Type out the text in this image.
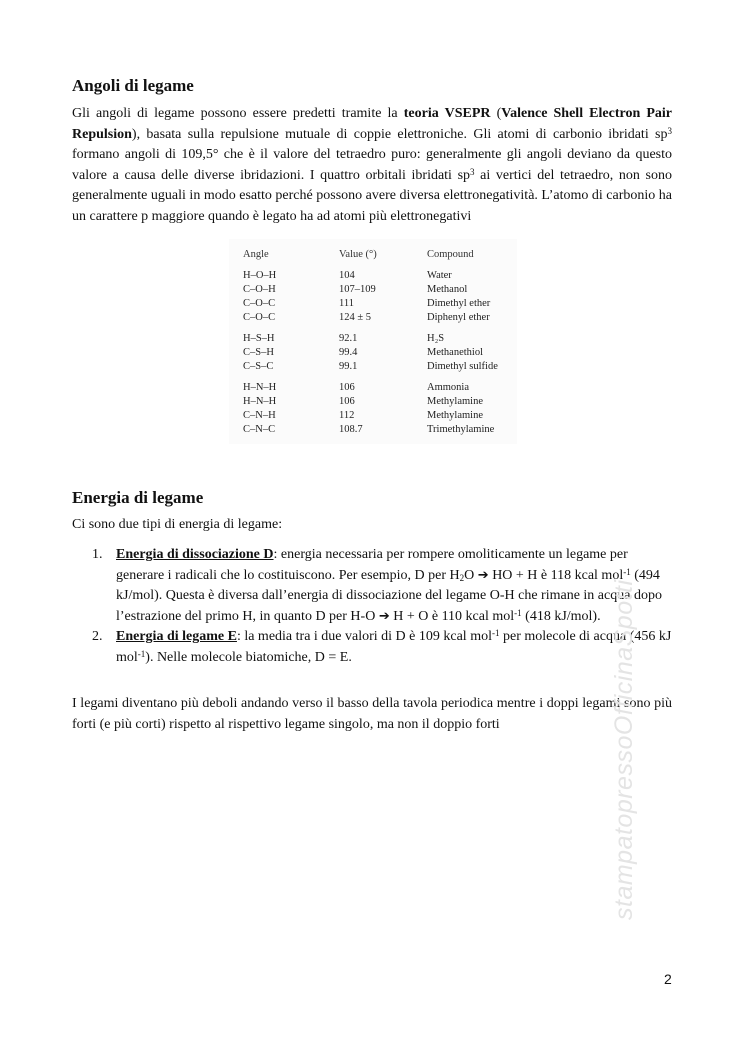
Angoli di legame

Gli angoli di legame possono essere predetti tramite la teoria VSEPR (Valence Shell Electron Pair Repulsion), basata sulla repulsione mutuale di coppie elettroniche. Gli atomi di carbonio ibridati $sp^3$ formano angoli di 109,5° che è il valore del tetraedro puro: generalmente gli angoli deviano da questo valore a causa delle diverse ibridazioni. I quattro orbitali ibridati $sp^3$ ai vertici del tetraedro, non sono generalmente uguali in modo esatto perché possono avere diversa elettronegatività. L’atomo di carbonio ha un carattere p maggiore quando è legato ha ad atomi più elettronegativi

Angle	Value (°)	Compound
H–O–H	104	Water
C–O–H	107–109	Methanol
C–O–C	111	Dimethyl ether
C–O–C	124 ± 5	Diphenyl ether
H–S–H	92.1	H₂S
C–S–H	99.4	Methanethiol
C–S–C	99.1	Dimethyl sulfide
H–N–H	106	Ammonia
H–N–H	106	Methylamine
C–N–H	112	Methylamine
C–N–C	108.7	Trimethylamine
Energia di legame

Ci sono due tipi di energia di legame:

1. Energia di dissociazione D: energia necessaria per rompere omoliticamente un legame per generare i radicali che lo costituiscono. Per esempio, D per $H_2O$ ➔ HO + H è 118 kcal mol$^{-1}$ (494 kJ/mol). Questa è diversa dall’energia di dissociazione del legame O-H che rimane in acqua dopo l’estrazione del primo H, in quanto D per H-O ➔ H + O è 110 kcal mol$^{-1}$ (418 kJ/mol).
2. Energia di legame E: la media tra i due valori di D è 109 kcal mol$^{-1}$ per molecole di acqua (456 kJ mol$^{-1}$). Nelle molecole biatomiche, D = E.

I legami diventano più deboli andando verso il basso della tavola periodica mentre i doppi legami sono più forti (e più corti) rispetto al rispettivo legame singolo, ma non il doppio forti	stampatopressoOfficinaSpotti
2
